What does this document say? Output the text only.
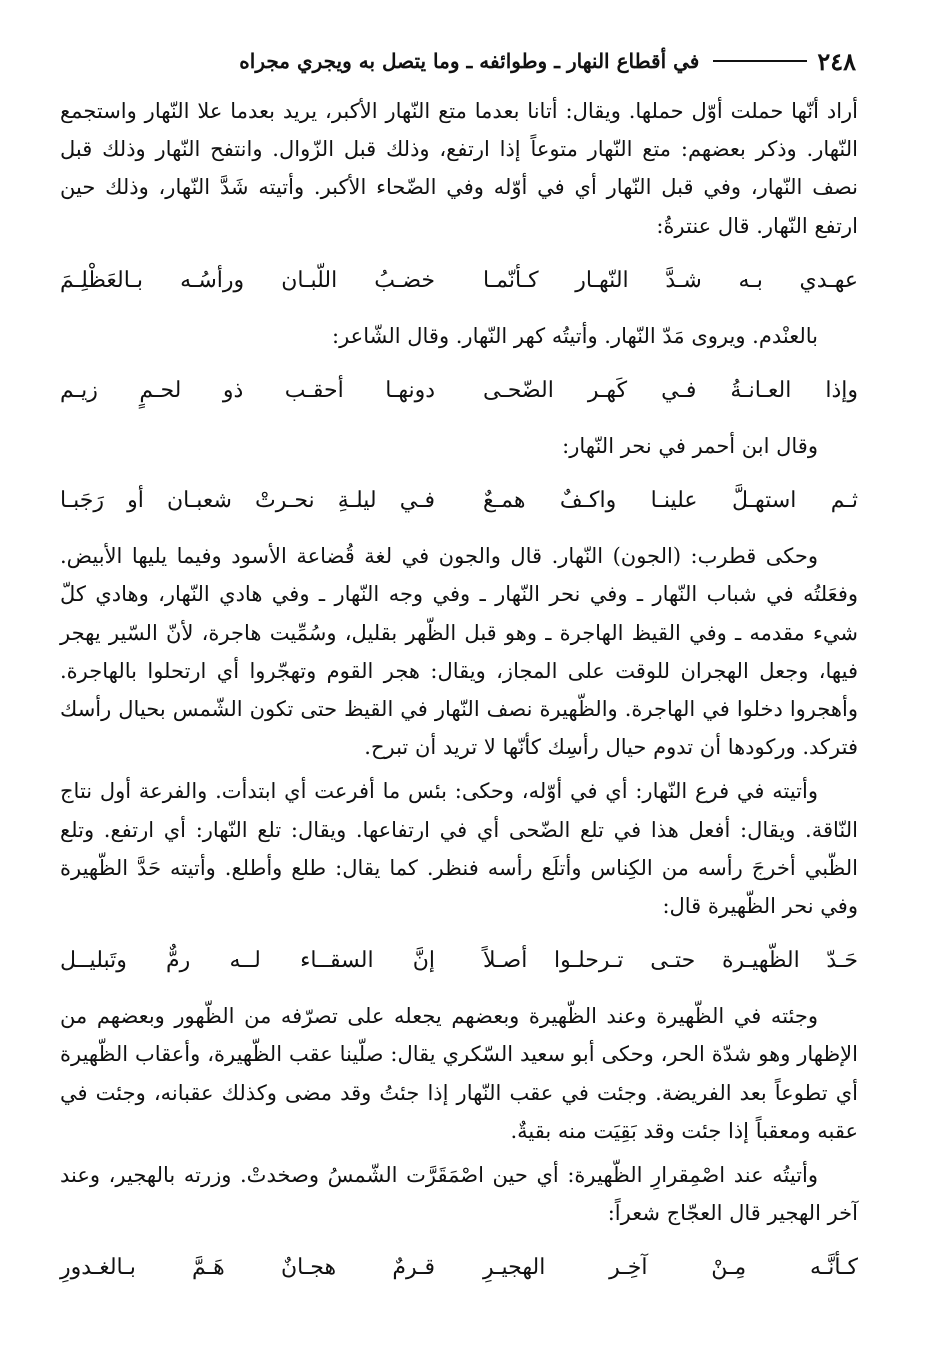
٢٤٨
في أقطاع النهار ـ وطوائفه ـ وما يتصل به ويجري مجراه

أراد أنّها حملت أوّل حملها. ويقال: أتانا بعدما متع النّهار الأكبر، يريد بعدما علا النّهار واستجمع النّهار. وذكر بعضهم: متع النّهار متوعاً إذا ارتفع، وذلك قبل الزّوال. وانتفح النّهار وذلك قبل نصف النّهار، وفي قبل النّهار أي في أوّله وفي الضّحاء الأكبر. وأتيته شَدَّ النّهار، وذلك حين ارتفع النّهار. قال عنترةُ:

عهـدي بـه شـدَّ النّهـار كـأنّمـا
خضـبُ اللّبـان ورأسُـه بـالعَظْلِـمَ

بالعنْدم. ويروى مَدّ النّهار. وأتيتُه كهر النّهار. وقال الشّاعر:

وإذا العـانـةُ فـي كَهـر الضّحـى
دونهـا أحقـب ذو لحـمٍ زيـم

وقال ابن أحمر في نحر النّهار:

ثـم استهـلَّ علينـا واكـفٌ همـعٌ
فـي ليلـةِ نحـرتْ شعبـان أو رَجَبـا

وحكى قطرب: (الجون) النّهار. قال والجون في لغة قُضاعة الأسود وفيما يليها الأبيض. وفعَلتُه في شباب النّهار ـ وفي نحر النّهار ـ وفي وجه النّهار ـ وفي هادي النّهار، وهادي كلّ شيء مقدمه ـ وفي القيظ الهاجرة ـ وهو قبل الظّهر بقليل، وسُمِّيت هاجرة، لأنّ السّير يهجر فيها، وجعل الهجران للوقت على المجاز، ويقال: هجر القوم وتهجّروا أي ارتحلوا بالهاجرة. وأهجروا دخلوا في الهاجرة. والظّهيرة نصف النّهار في القيظ حتى تكون الشّمس بحيال رأسك فتركد. وركودها أن تدوم حيال رأسِك كأنّها لا تريد أن تبرح.

وأتيته في فرع النّهار: أي في أوّله، وحكى: بئس ما أفرعت أي ابتدأت. والفرعة أول نتاج النّاقة. ويقال: أفعل هذا في تلع الضّحى أي في ارتفاعها. ويقال: تلع النّهار: أي ارتفع. وتلع الظّبي أخرجَ رأسه من الكِناس وأتلَع رأسه فنظر. كما يقال: طلع وأطلع. وأتيته حَدَّ الظّهيرة وفي نحر الظّهيرة قال:

حَـدّ الظّهيـرة حتـى تـرحلـوا أصـلاً
إنَّ السقــاء لــه رمٌّ وتَبليــل

وجئته في الظّهيرة وعند الظّهيرة وبعضهم يجعله على تصرّفه من الظّهور وبعضهم من الإظهار وهو شدّة الحر، وحكى أبو سعيد السّكري يقال: صلّينا عقب الظّهيرة، وأعقاب الظّهيرة أي تطوعاً بعد الفريضة. وجئت في عقب النّهار إذا جئتُ وقد مضى وكذلك عقبانه، وجئت في عقبه ومعقباً إذا جئت وقد بَقِيَت منه بقيةٌ.

وأتيتُه عند اصْمِقرارِ الظّهيرة: أي حين اصْمَقَرَّت الشّمسُ وصخدتْ. وزرته بالهجير، وعند آخر الهجير قال العجّاج شعراً:

كـأنَّـه مِـنْ آخِـر الهجيـرِ
قـرمٌ هجـانٌ هَـمَّ بـالغـدورِ
